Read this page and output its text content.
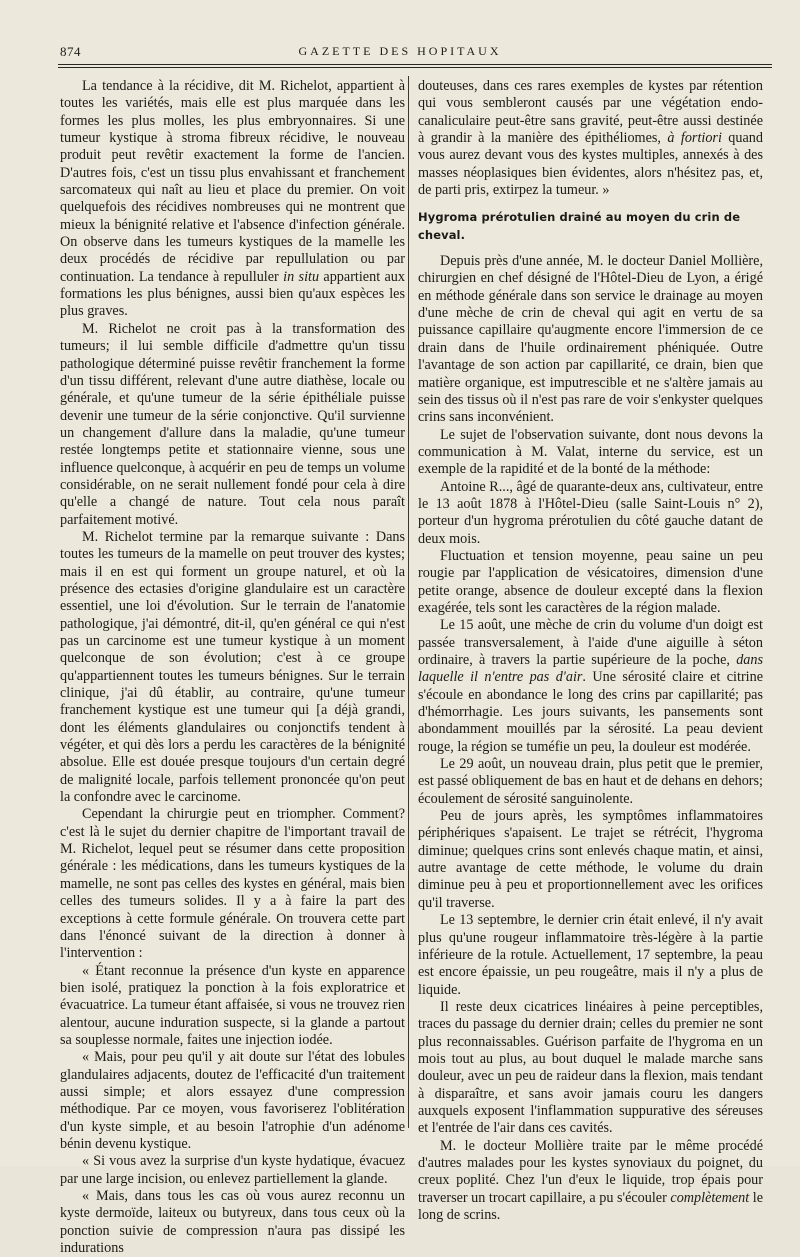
874	GAZETTE DES HOPITAUX

La tendance à la récidive, dit M. Richelot, appartient à toutes les variétés, mais elle est plus marquée dans les formes les plus molles, les plus embryonnaires. Si une tumeur kystique à stroma fibreux récidive, le nouveau produit peut revêtir exactement la forme de l'ancien. D'autres fois, c'est un tissu plus envahissant et franchement sarcomateux qui naît au lieu et place du premier. On voit quelquefois des récidives nombreuses qui ne montrent que mieux la bénignité relative et l'absence d'infection générale. On observe dans les tumeurs kystiques de la mamelle les deux procédés de récidive par repullulation ou par continuation. La tendance à repulluler in situ appartient aux formations les plus bénignes, aussi bien qu'aux espèces les plus graves.

M. Richelot ne croit pas à la transformation des tumeurs; il lui semble difficile d'admettre qu'un tissu pathologique déterminé puisse revêtir franchement la forme d'un tissu différent, relevant d'une autre diathèse, locale ou générale, et qu'une tumeur de la série épithéliale puisse devenir une tumeur de la série conjonctive. Qu'il survienne un changement d'allure dans la maladie, qu'une tumeur restée longtemps petite et stationnaire vienne, sous une influence quelconque, à acquérir en peu de temps un volume considérable, on ne serait nullement fondé pour cela à dire qu'elle a changé de nature. Tout cela nous paraît parfaitement motivé.

M. Richelot termine par la remarque suivante : Dans toutes les tumeurs de la mamelle on peut trouver des kystes; mais il en est qui forment un groupe naturel, et où la présence des ectasies d'origine glandulaire est un caractère essentiel, une loi d'évolution. Sur le terrain de l'anatomie pathologique, j'ai démontré, dit-il, qu'en général ce qui n'est pas un carcinome est une tumeur kystique à un moment quelconque de son évolution; c'est à ce groupe qu'appartiennent toutes les tumeurs bénignes. Sur le terrain clinique, j'ai dû établir, au contraire, qu'une tumeur franchement kystique est une tumeur qui [a déjà grandi, dont les éléments glandulaires ou conjonctifs tendent à végéter, et qui dès lors a perdu les caractères de la bénignité absolue. Elle est douée presque toujours d'un certain degré de malignité locale, parfois tellement prononcée qu'on peut la confondre avec le carcinome.

Cependant la chirurgie peut en triompher. Comment? c'est là le sujet du dernier chapitre de l'important travail de M. Richelot, lequel peut se résumer dans cette proposition générale : les médications, dans les tumeurs kystiques de la mamelle, ne sont pas celles des kystes en général, mais bien celles des tumeurs solides. Il y a à faire la part des exceptions à cette formule générale. On trouvera cette part dans l'énoncé suivant de la direction à donner à l'intervention :

« Étant reconnue la présence d'un kyste en apparence bien isolé, pratiquez la ponction à la fois exploratrice et évacuatrice. La tumeur étant affaisée, si vous ne trouvez rien alentour, aucune induration suspecte, si la glande a partout sa souplesse normale, faites une injection iodée.

« Mais, pour peu qu'il y ait doute sur l'état des lobules glandulaires adjacents, doutez de l'efficacité d'un traitement aussi simple; et alors essayez d'une compression méthodique. Par ce moyen, vous favoriserez l'oblitération d'un kyste simple, et au besoin l'atrophie d'un adénome bénin devenu kystique.

« Si vous avez la surprise d'un kyste hydatique, évacuez par une large incision, ou enlevez partiellement la glande.

« Mais, dans tous les cas où vous aurez reconnu un kyste dermoïde, laiteux ou butyreux, dans tous ceux où la ponction suivie de compression n'aura pas dissipé les indurations

douteuses, dans ces rares exemples de kystes par rétention qui vous sembleront causés par une végétation endo-canaliculaire peut-être sans gravité, peut-être aussi destinée à grandir à la manière des épithéliomes, à fortiori quand vous aurez devant vous des kystes multiples, annexés à des masses néoplasiques bien évidentes, alors n'hésitez pas, et, de parti pris, extirpez la tumeur. »

Hygroma prérotulien drainé au moyen du crin de cheval.

Depuis près d'une année, M. le docteur Daniel Mollière, chirurgien en chef désigné de l'Hôtel-Dieu de Lyon, a érigé en méthode générale dans son service le drainage au moyen d'une mèche de crin de cheval qui agit en vertu de sa puissance capillaire qu'augmente encore l'immersion de ce drain dans de l'huile ordinairement phéniquée. Outre l'avantage de son action par capillarité, ce drain, bien que matière organique, est imputrescible et ne s'altère jamais au sein des tissus où il n'est pas rare de voir s'enkyster quelques crins sans inconvénient.

Le sujet de l'observation suivante, dont nous devons la communication à M. Valat, interne du service, est un exemple de la rapidité et de la bonté de la méthode:

Antoine R..., âgé de quarante-deux ans, cultivateur, entre le 13 août 1878 à l'Hôtel-Dieu (salle Saint-Louis n° 2), porteur d'un hygroma prérotulien du côté gauche datant de deux mois.

Fluctuation et tension moyenne, peau saine un peu rougie par l'application de vésicatoires, dimension d'une petite orange, absence de douleur excepté dans la flexion exagérée, tels sont les caractères de la région malade.

Le 15 août, une mèche de crin du volume d'un doigt est passée transversalement, à l'aide d'une aiguille à séton ordinaire, à travers la partie supérieure de la poche, dans laquelle il n'entre pas d'air. Une sérosité claire et citrine s'écoule en abondance le long des crins par capillarité; pas d'hémorrhagie. Les jours suivants, les pansements sont abondamment mouillés par la sérosité. La peau devient rouge, la région se tuméfie un peu, la douleur est modérée.

Le 29 août, un nouveau drain, plus petit que le premier, est passé obliquement de bas en haut et de dehans en dehors; écoulement de sérosité sanguinolente.

Peu de jours après, les symptômes inflammatoires périphériques s'apaisent. Le trajet se rétrécit, l'hygroma diminue; quelques crins sont enlevés chaque matin, et ainsi, autre avantage de cette méthode, le volume du drain diminue peu à peu et proportionnellement avec les orifices qu'il traverse.

Le 13 septembre, le dernier crin était enlevé, il n'y avait plus qu'une rougeur inflammatoire très-légère à la partie inférieure de la rotule. Actuellement, 17 septembre, la peau est encore épaissie, un peu rougeâtre, mais il n'y a plus de liquide.

Il reste deux cicatrices linéaires à peine perceptibles, traces du passage du dernier drain; celles du premier ne sont plus reconnaissables. Guérison parfaite de l'hygroma en un mois tout au plus, au bout duquel le malade marche sans douleur, avec un peu de raideur dans la flexion, mais tendant à disparaître, et sans avoir jamais couru les dangers auxquels exposent l'inflammation suppurative des séreuses et l'entrée de l'air dans ces cavités.

M. le docteur Mollière traite par le même procédé d'autres malades pour les kystes synoviaux du poignet, du creux poplité. Chez l'un d'eux le liquide, trop épais pour traverser un trocart capillaire, a pu s'écouler complètement le long de scrins.
